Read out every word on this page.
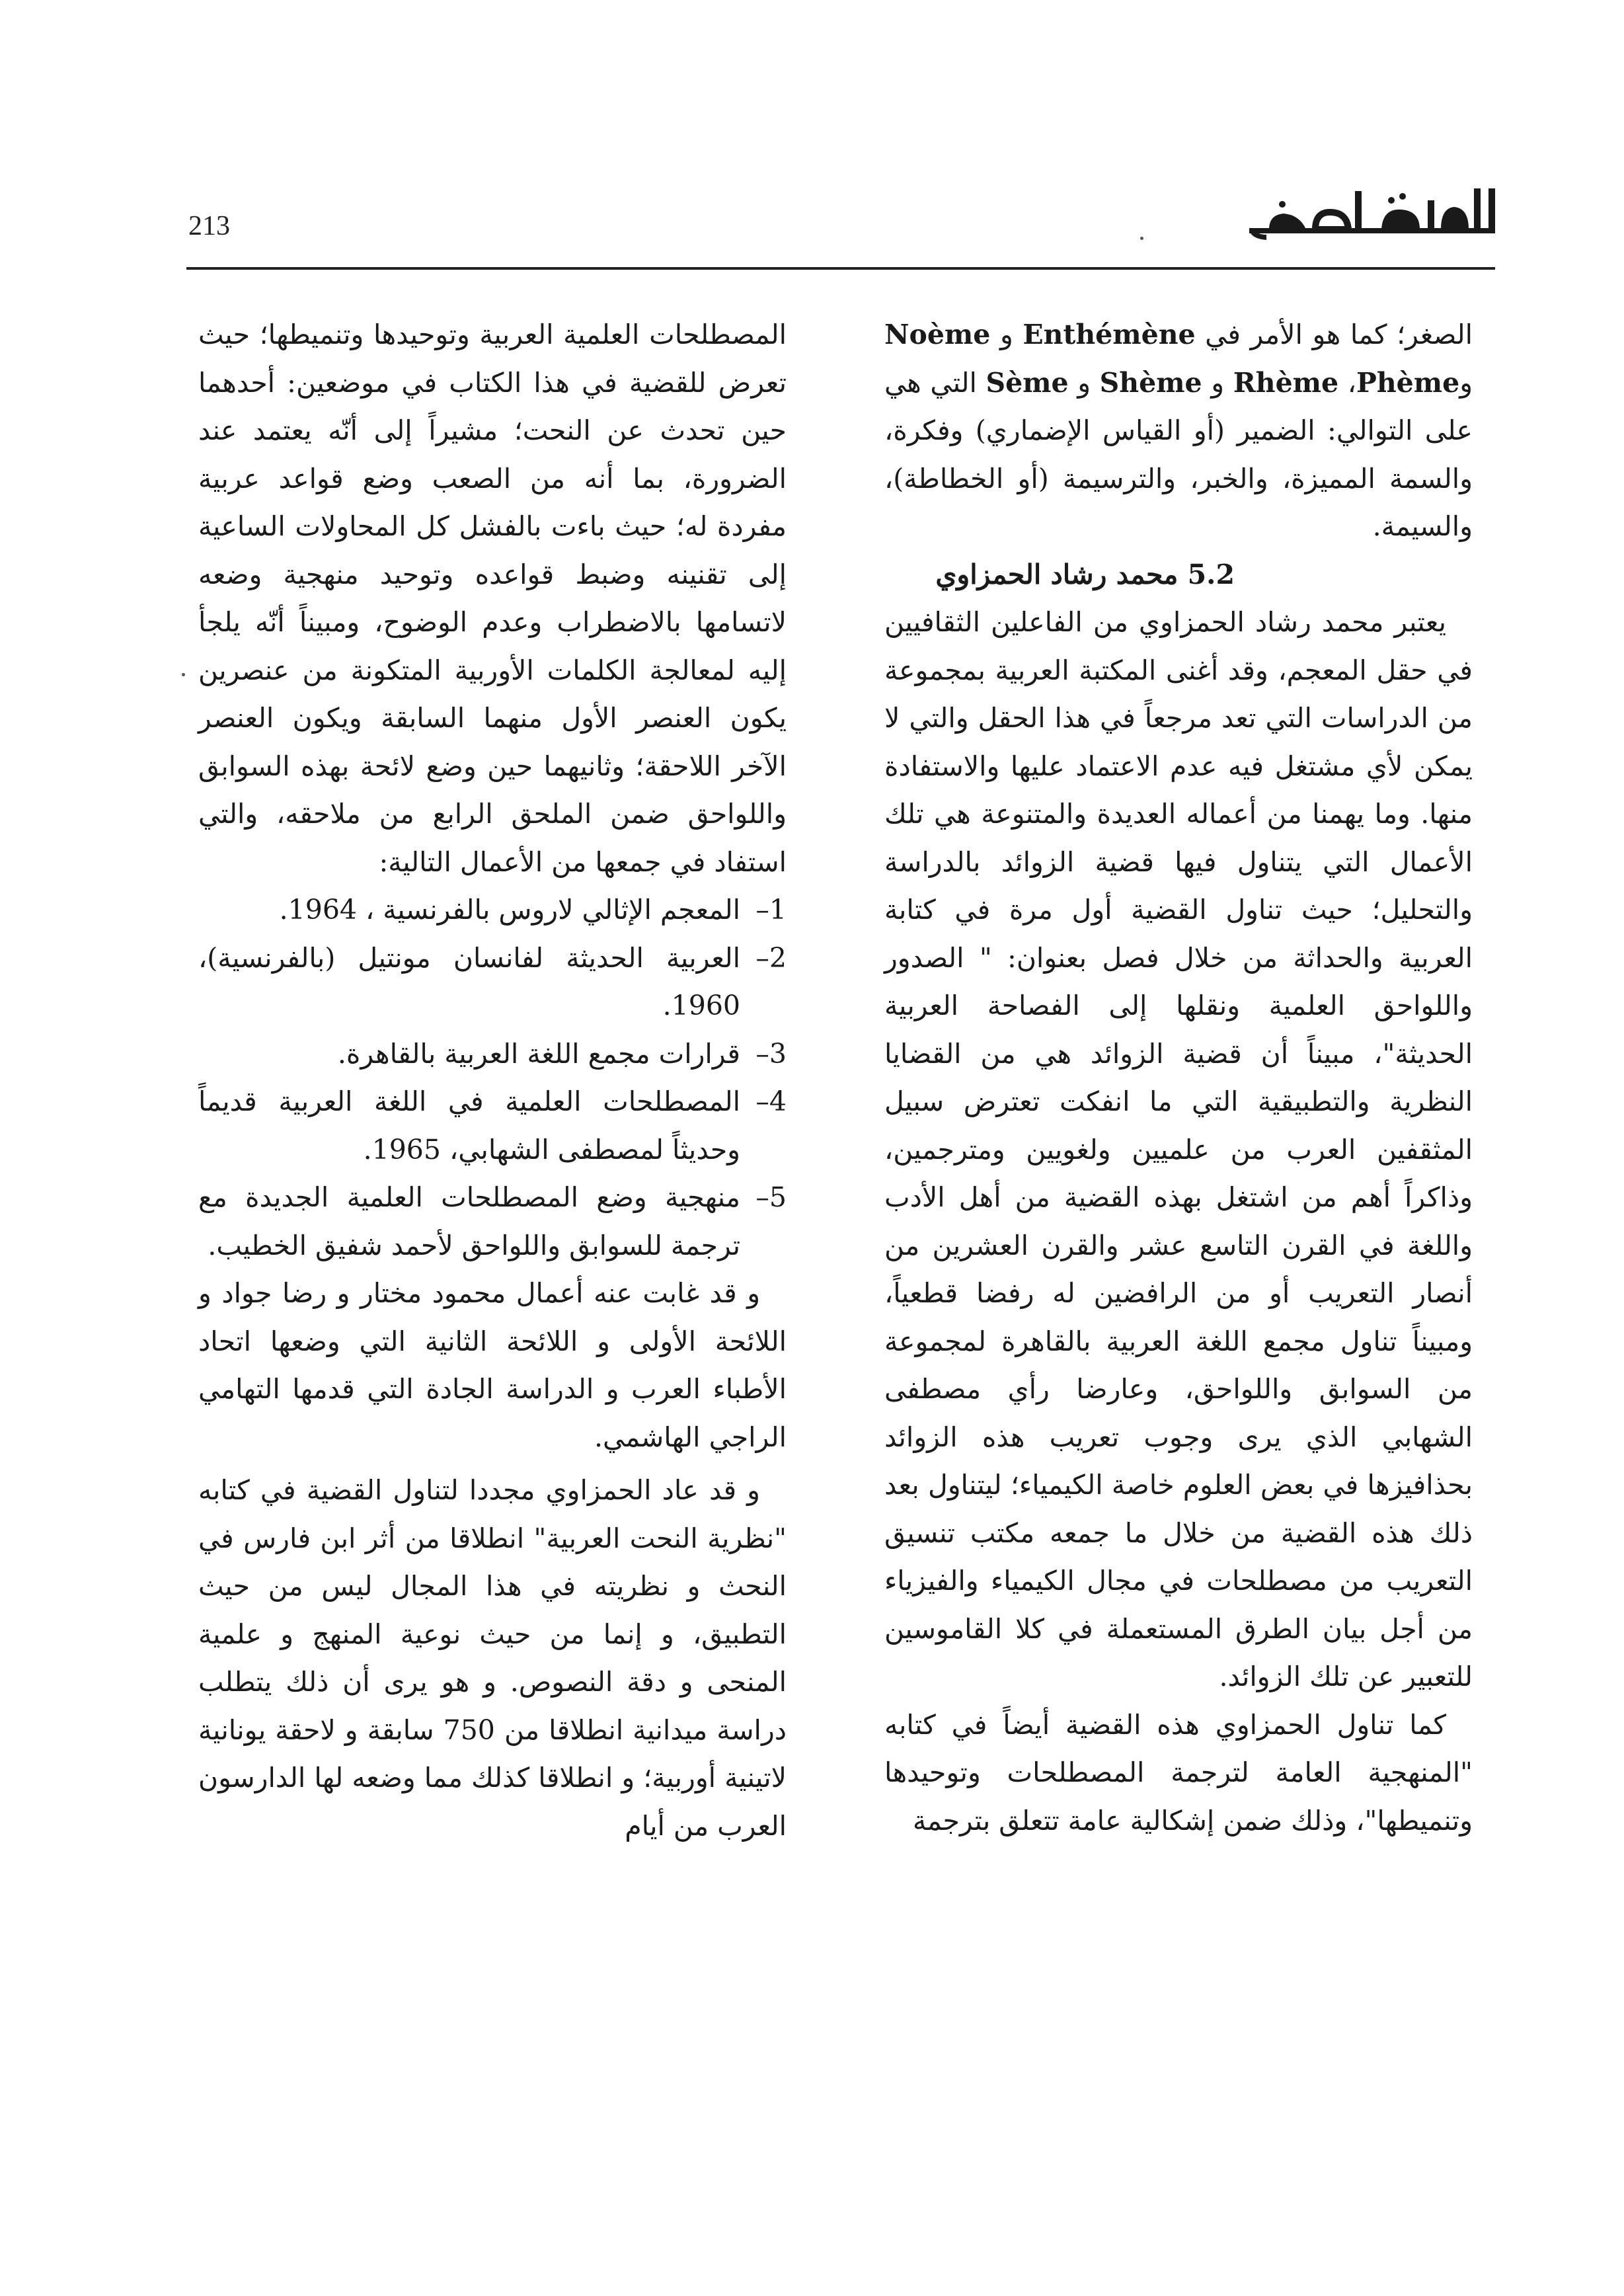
213

الصغر؛ كما هو الأمر في Enthémène و Noème وPhème، Rhème و Shème و Sème التي هي على التوالي: الضمير (أو القياس الإضماري) وفكرة، والسمة المميزة، والخبر، والترسيمة (أو الخطاطة)، والسيمة.

5.2 محمد رشاد الحمزاوي

يعتبر محمد رشاد الحمزاوي من الفاعلين الثقافيين في حقل المعجم، وقد أغنى المكتبة العربية بمجموعة من الدراسات التي تعد مرجعاً في هذا الحقل والتي لا يمكن لأي مشتغل فيه عدم الاعتماد عليها والاستفادة منها. وما يهمنا من أعماله العديدة والمتنوعة هي تلك الأعمال التي يتناول فيها قضية الزوائد بالدراسة والتحليل؛ حيث تناول القضية أول مرة في كتابة العربية والحداثة من خلال فصل بعنوان: " الصدور واللواحق العلمية ونقلها إلى الفصاحة العربية الحديثة"، مبيناً أن قضية الزوائد هي من القضايا النظرية والتطبيقية التي ما انفكت تعترض سبيل المثقفين العرب من علميين ولغويين ومترجمين، وذاكراً أهم من اشتغل بهذه القضية من أهل الأدب واللغة في القرن التاسع عشر والقرن العشرين من أنصار التعريب أو من الرافضين له رفضا قطعياً، ومبيناً تناول مجمع اللغة العربية بالقاهرة لمجموعة من السوابق واللواحق، وعارضا رأي مصطفى الشهابي الذي يرى وجوب تعريب هذه الزوائد بحذافيزها في بعض العلوم خاصة الكيمياء؛ ليتناول بعد ذلك هذه القضية من خلال ما جمعه مكتب تنسيق التعريب من مصطلحات في مجال الكيمياء والفيزياء من أجل بيان الطرق المستعملة في كلا القاموسين للتعبير عن تلك الزوائد.

كما تناول الحمزاوي هذه القضية أيضاً في كتابه "المنهجية العامة لترجمة المصطلحات وتوحيدها وتنميطها"، وذلك ضمن إشكالية عامة تتعلق بترجمة

المصطلحات العلمية العربية وتوحيدها وتنميطها؛ حيث تعرض للقضية في هذا الكتاب في موضعين: أحدهما حين تحدث عن النحت؛ مشيراً إلى أنّه يعتمد عند الضرورة، بما أنه من الصعب وضع قواعد عربية مفردة له؛ حيث باءت بالفشل كل المحاولات الساعية إلى تقنينه وضبط قواعده وتوحيد منهجية وضعه لاتسامها بالاضطراب وعدم الوضوح، ومبيناً أنّه يلجأ إليه لمعالجة الكلمات الأوربية المتكونة من عنصرين يكون العنصر الأول منهما السابقة ويكون العنصر الآخر اللاحقة؛ وثانيهما حين وضع لائحة بهذه السوابق واللواحق ضمن الملحق الرابع من ملاحقه، والتي استفاد في جمعها من الأعمال التالية:

1–
المعجم الإثالي لاروس بالفرنسية ، 1964.
2–
العربية الحديثة لفانسان مونتيل (بالفرنسية)، 1960.
3–
قرارات مجمع اللغة العربية بالقاهرة.
4–
المصطلحات العلمية في اللغة العربية قديماً وحديثاً لمصطفى الشهابي، 1965.
5–
منهجية وضع المصطلحات العلمية الجديدة مع ترجمة للسوابق واللواحق لأحمد شفيق الخطيب.

و قد غابت عنه أعمال محمود مختار و رضا جواد و اللائحة الأولى و اللائحة الثانية التي وضعها اتحاد الأطباء العرب و الدراسة الجادة التي قدمها التهامي الراجي الهاشمي.

و قد عاد الحمزاوي مجددا لتناول القضية في كتابه "نظرية النحت العربية" انطلاقا من أثر ابن فارس في النحث و نظريته في هذا المجال ليس من حيث التطبيق، و إنما من حيث نوعية المنهج و علمية المنحى و دقة النصوص. و هو يرى أن ذلك يتطلب دراسة ميدانية انطلاقا من 750 سابقة و لاحقة يونانية لاتينية أوربية؛ و انطلاقا كذلك مما وضعه لها الدارسون العرب من أيام
